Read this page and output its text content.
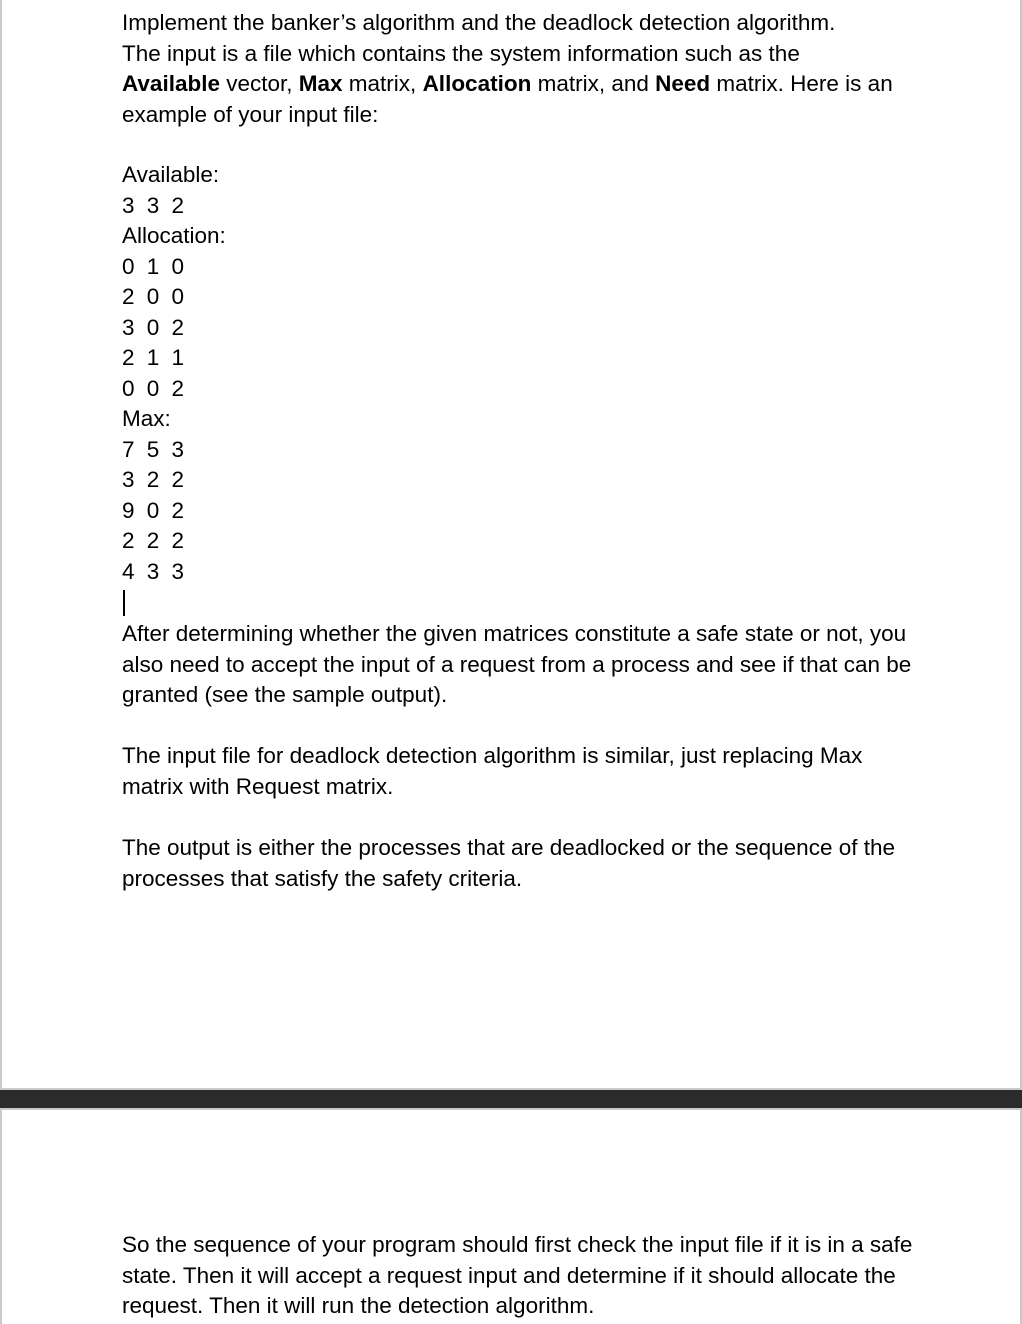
Implement the banker’s algorithm and the deadlock detection algorithm.
The input is a file which contains the system information such as the
Available vector, Max matrix, Allocation matrix, and Need matrix. Here is an
example of your input file:

Available:
3 3 2
Allocation:
0 1 0
2 0 0
3 0 2
2 1 1
0 0 2
Max:
7 5 3
3 2 2
9 0 2
2 2 2
4 3 3

After determining whether the given matrices constitute a safe state or not, you also need to accept the input of a request from a process and see if that can be granted (see the sample output).

The input file for deadlock detection algorithm is similar, just replacing Max matrix with Request matrix.

The output is either the processes that are deadlocked or the sequence of the processes that satisfy the safety criteria.

So the sequence of your program should first check the input file if it is in a safe state. Then it will accept a request input and determine if it should allocate the request. Then it will run the detection algorithm.
